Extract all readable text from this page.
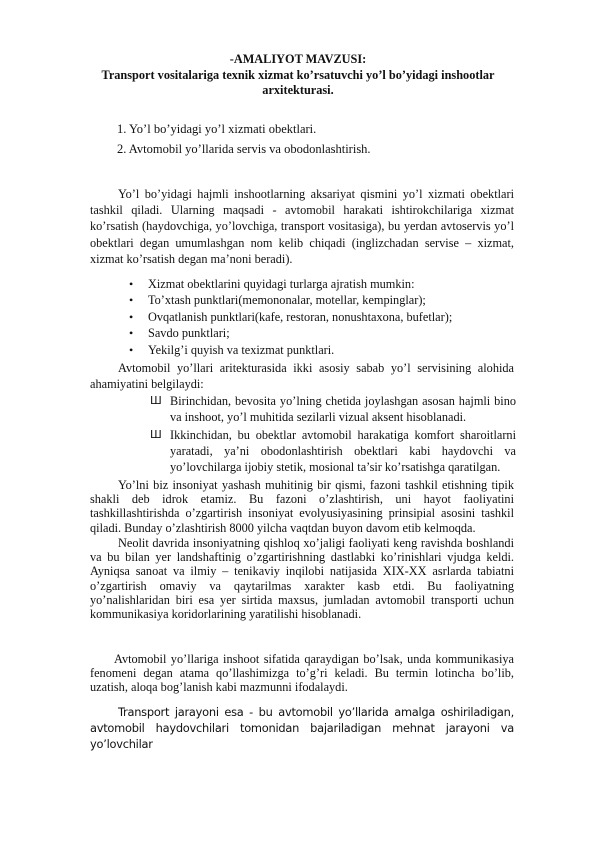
-AMALIYOT MAVZUSI:
Transport vositalariga texnik xizmat ko’rsatuvchi yo’l bo’yidagi inshootlar arxitekturasi.
1. Yo’l bo’yidagi yo’l xizmati obektlari.
2. Avtomobil yo’llarida servis va obodonlashtirish.

Yo’l bo’yidagi hajmli inshootlarning aksariyat qismini yo’l xizmati obektlari tashkil qiladi. Ularning maqsadi - avtomobil harakati ishtirokchilariga xizmat ko’rsatish (haydovchiga, yo’lovchiga, transport vositasiga), bu yerdan avtoservis yo’l obektlari degan umumlashgan nom kelib chiqadi (inglizchadan servise – xizmat, xizmat ko’rsatish degan ma’noni beradi).

• Xizmat obektlarini quyidagi turlarga ajratish mumkin:
• To’xtash punktlari(memononalar, motellar, kempinglar);
• Ovqatlanish punktlari(kafe, restoran, nonushtaxona, bufetlar);
• Savdo punktlari;
• Yekilg’i quyish va texizmat punktlari.

Avtomobil yo’llari aritekturasida ikki asosiy sabab yo’l servisining alohida ahamiyatini belgilaydi:

Ш Birinchidan, bevosita yo’lning chetida joylashgan asosan hajmli bino va inshoot, yo’l muhitida sezilarli vizual aksent hisoblanadi.
Ш Ikkinchidan, bu obektlar avtomobil harakatiga komfort sharoitlarni yaratadi, ya’ni obodonlashtirish obektlari kabi haydovchi va yo’lovchilarga ijobiy stetik, mosional ta’sir ko’rsatishga qaratilgan.

Yo’lni biz insoniyat yashash muhitinig bir qismi, fazoni tashkil etishning tipik shakli deb idrok etamiz. Bu fazoni o’zlashtirish, uni hayot faoliyatini tashkillashtirishda o’zgartirish insoniyat evolyusiyasining prinsipial asosini tashkil qiladi. Bunday o’zlashtirish 8000 yilcha vaqtdan buyon davom etib kelmoqda.

Neolit davrida insoniyatning qishloq xo’jaligi faoliyati keng ravishda boshlandi va bu bilan yer landshaftinig o’zgartirishning dastlabki ko’rinishlari vjudga keldi. Ayniqsa sanoat va ilmiy – tenikaviy inqilobi natijasida XIX-XX asrlarda tabiatni o’zgartirish omaviy va qaytarilmas xarakter kasb etdi. Bu faoliyatning yo’nalishlaridan biri esa yer sirtida maxsus, jumladan avtomobil transporti uchun kommunikasiya koridorlarining yaratilishi hisoblanadi.

Avtomobil yo’llariga inshoot sifatida qaraydigan bo’lsak, unda kommunikasiya fenomeni degan atama qo’llashimizga to’g’ri keladi. Bu termin lotincha bo’lib, uzatish, aloqa bog’lanish kabi mazmunni ifodalaydi.

Transport jarayoni esa - bu avtomobil yo’llarida amalga oshiriladigan, avtomobil haydovchilari tomonidan bajariladigan mehnat jarayoni va yo’lovchilar
